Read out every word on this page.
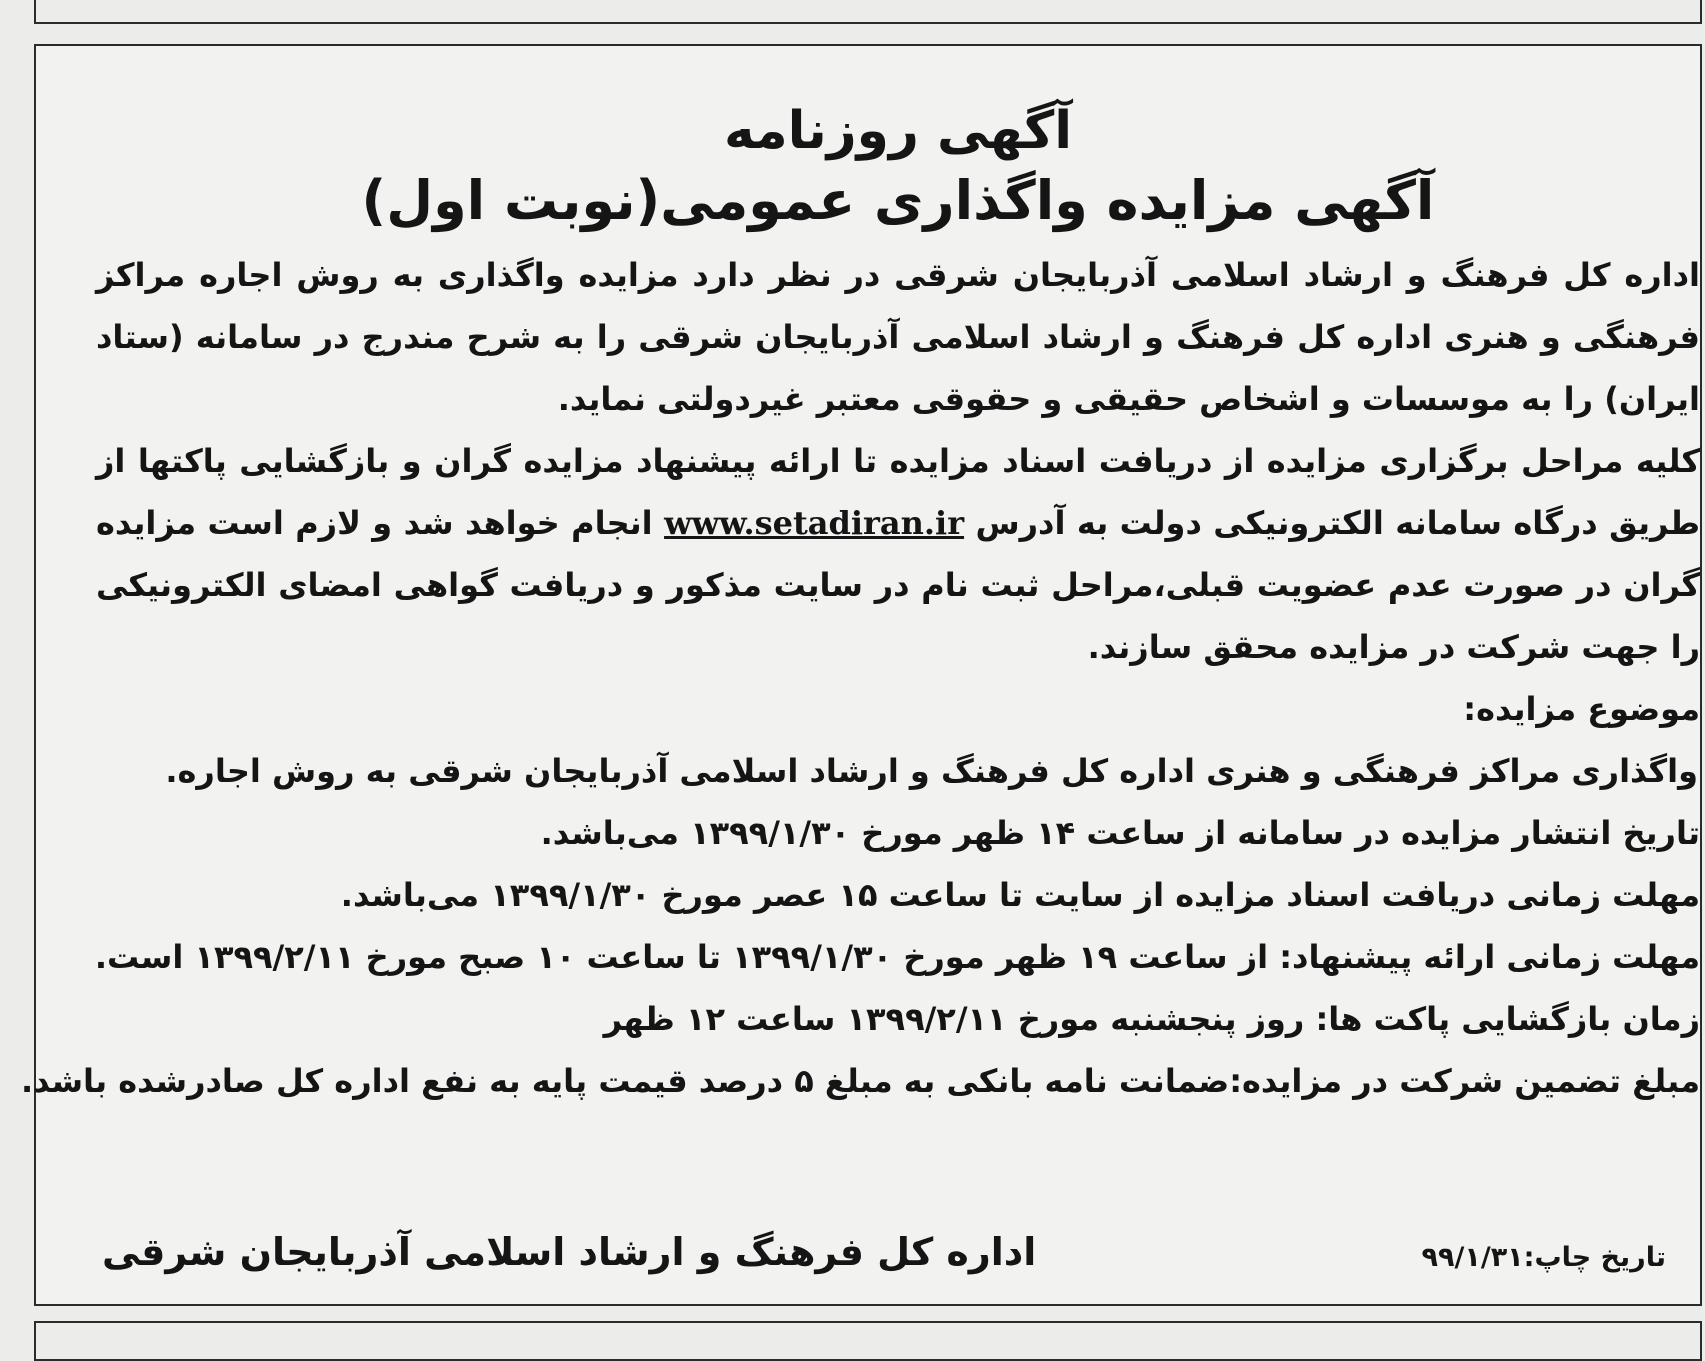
آگهی روزنامه
آگهی مزایده واگذاری عمومی(نوبت اول)

اداره کل فرهنگ و ارشاد اسلامی آذربایجان شرقی در نظر دارد مزایده واگذاری به روش اجاره مراکز فرهنگی و هنری اداره کل فرهنگ و ارشاد اسلامی آذربایجان شرقی را به شرح مندرج در سامانه (ستاد ایران) را به موسسات و اشخاص حقیقی و حقوقی معتبر غیردولتی نماید.

کلیه مراحل برگزاری مزایده از دریافت اسناد مزایده تا ارائه پیشنهاد مزایده گران و بازگشایی پاکتها از طریق درگاه سامانه الکترونیکی دولت به آدرس www.setadiran.ir انجام خواهد شد و لازم است مزایده گران در صورت عدم عضویت قبلی،مراحل ثبت نام در سایت مذکور و دریافت گواهی امضای الکترونیکی را جهت شرکت در مزایده محقق سازند.

موضوع مزایده:

واگذاری مراکز فرهنگی و هنری اداره کل فرهنگ و ارشاد اسلامی آذربایجان شرقی به روش اجاره.

تاریخ انتشار مزایده در سامانه از ساعت ۱۴ ظهر مورخ ۱۳۹۹/۱/۳۰ می‌باشد.

مهلت زمانی دریافت اسناد مزایده از سایت تا ساعت ۱۵ عصر مورخ ۱۳۹۹/۱/۳۰ می‌باشد.

مهلت زمانی ارائه پیشنهاد: از ساعت ۱۹ ظهر مورخ ۱۳۹۹/۱/۳۰ تا ساعت ۱۰ صبح مورخ ۱۳۹۹/۲/۱۱ است.

زمان بازگشایی پاکت ها: روز پنجشنبه مورخ ۱۳۹۹/۲/۱۱ ساعت ۱۲ ظهر

مبلغ تضمین شرکت در مزایده:ضمانت نامه بانکی به مبلغ ۵ درصد قیمت پایه به نفع اداره کل صادرشده باشد.

تاریخ چاپ:۹۹/۱/۳۱
اداره کل فرهنگ و ارشاد اسلامی آذربایجان شرقی
